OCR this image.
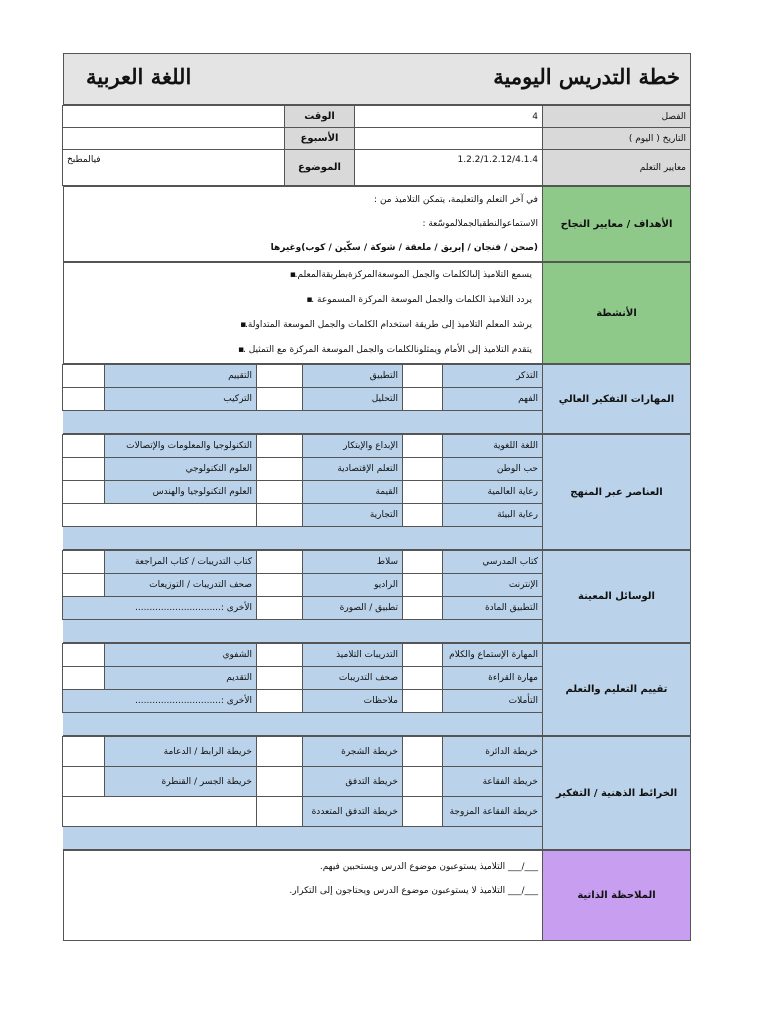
خطة التدريس اليومية
اللغة العربية
الفصل	4	الوقت	
التاريخ ( اليوم )		الأسبوع	
معايير التعلم	1.2.2/1.2.12/4.1.4	الموضوع	فيالمطبخ
الأهداف / معايير النجاح	
في آخر التعلم والتعليمة، يتمكن التلاميذ من :
الاستماعوالنطقبالجملالموسّعة :
(صحن / فنجان / إبريق / ملعقة / شوكة / سكّين / كوب)وغيرها
الأنشطة	
يسمع التلاميذ إلىالكلمات والجمل الموسعةالمركزةبطريقةالمعلم. ▪
يردد التلاميذ الكلمات والجمل الموسعة المركزة المسموعة . ▪
يرشد المعلم التلاميذ إلى طريقة استخدام الكلمات والجمل الموسعة المتداولة. ▪
يتقدم التلاميذ إلى الأمام ويمثلونالكلمات والجمل الموسعة المركزة مع التمثيل . ▪
المهارات التفكير العالي	التذكر		التطبيق		التقييم	
	الفهم		التحليل		التركيب	

العناصر عبر المنهج	اللغة اللغوية		الإبداع والإبتكار		التكنولوجيا والمعلومات والإتصالات	
	حب الوطن		التعلم الإقتصادية		العلوم التكنولوجي	
	رعاية العالمية		القيمة		العلوم التكنولوجيا والهندس	
	رعاية البيئة		التجارية			

الوسائل المعينة	كتاب المدرسي		سلاط		كتاب التدريبات / كتاب المراجعة	
	الإنترنت		الراديو		صحف التدريبات / التوزيعات	
	التطبيق المادة		تطبيق / الصورة		الأخرى :..............................	

تقييم التعليم والتعلم	المهارة الإستماع والكلام		التدريبات التلاميذ		الشفوي	
	مهارة القراءة		صحف التدريبات		التقديم	
	التأملات		ملاحظات		الأخرى :..............................	

الخرائط الذهنية / التفكير	خريطة الدائرة		خريطة الشجرة		خريطة الرابط / الدعامة	
	خريطة الفقاعة		خريطة التدفق		خريطة الجسر / القنطرة	
	خريطة الفقاعة المزوجة		خريطة التدفق المتعددة			

الملاحظة الذاتية	
___/___ التلاميذ يستوعبون موضوع الدرس ويستحبين فيهم.
___/___ التلاميذ لا يستوعبون موضوع الدرس ويحتاجون إلى التكرار.
